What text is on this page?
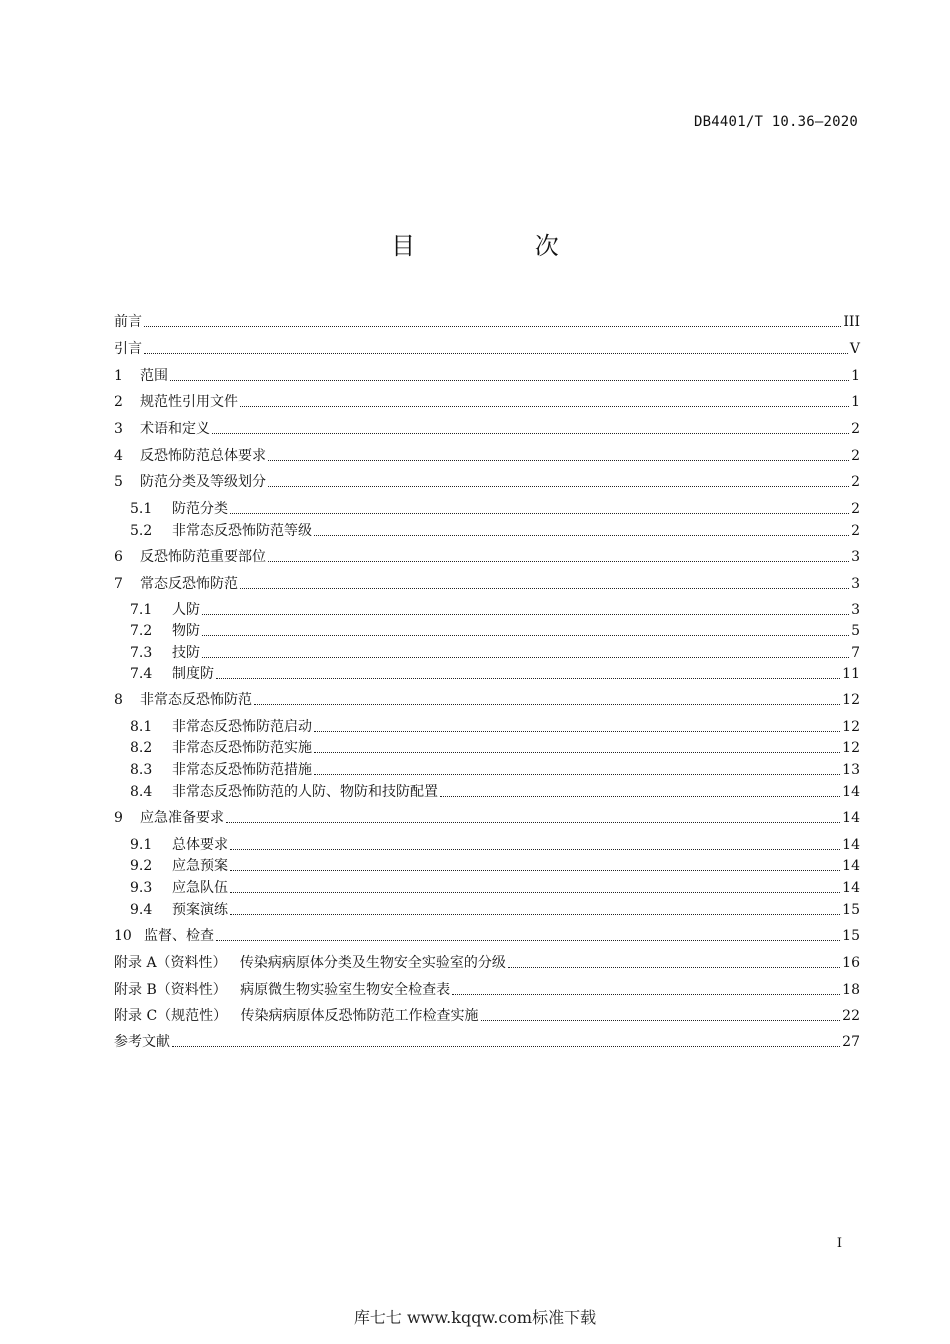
DB4401/T 10.36—2020
目 次
前言	III
引言	V
1	范围	1
2	规范性引用文件	1
3	术语和定义	2
4	反恐怖防范总体要求	2
5	防范分类及等级划分	2
5.1	防范分类	2
5.2	非常态反恐怖防范等级	2
6	反恐怖防范重要部位	3
7	常态反恐怖防范	3
7.1	人防	3
7.2	物防	5
7.3	技防	7
7.4	制度防	11
8	非常态反恐怖防范	12
8.1	非常态反恐怖防范启动	12
8.2	非常态反恐怖防范实施	12
8.3	非常态反恐怖防范措施	13
8.4	非常态反恐怖防范的人防、物防和技防配置	14
9	应急准备要求	14
9.1	总体要求	14
9.2	应急预案	14
9.3	应急队伍	14
9.4	预案演练	15
10 监督、检查	15
附录 A（资料性）   传染病病原体分类及生物安全实验室的分级	16
附录 B（资料性）   病原微生物实验室生物安全检查表	18
附录 C（规范性）   传染病病原体反恐怖防范工作检查实施	22
参考文献	27
I
库七七 www.kqqw.com标准下载
